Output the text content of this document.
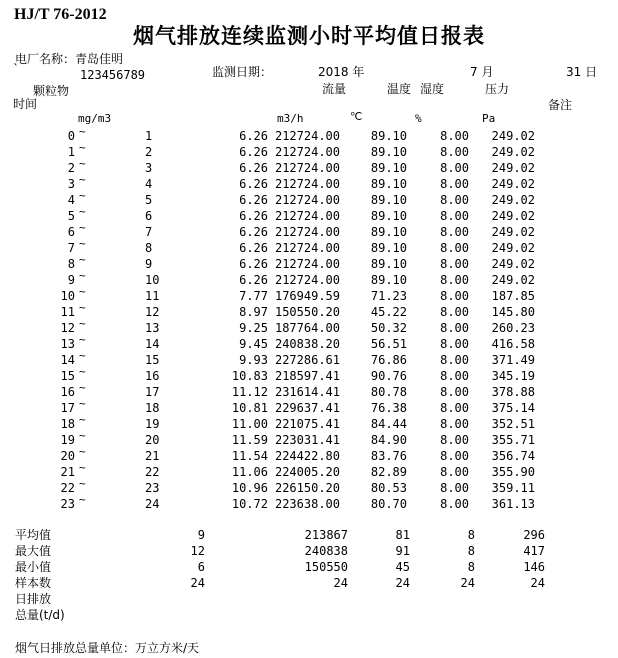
HJ/T 76-2012
烟气排放连续监测小时平均值日报表
电厂名称：青岛佳明
`	123456789	监测日期：	2018 年	7 月	31 日
颗粒物	流量	温度 湿度	压力
时间	备注
mg/m3	m3/h	℃	%	Pa
0 ~	1	6.26 212724.00	89.10	8.00	249.02
1 ~	2	6.26 212724.00	89.10	8.00	249.02
2 ~	3	6.26 212724.00	89.10	8.00	249.02
3 ~	4	6.26 212724.00	89.10	8.00	249.02
4 ~	5	6.26 212724.00	89.10	8.00	249.02
5 ~	6	6.26 212724.00	89.10	8.00	249.02
6 ~	7	6.26 212724.00	89.10	8.00	249.02
7 ~	8	6.26 212724.00	89.10	8.00	249.02
8 ~	9	6.26 212724.00	89.10	8.00	249.02
9 ~	10	6.26 212724.00	89.10	8.00	249.02
10 ~	11	7.77 176949.59	71.23	8.00	187.85
11 ~	12	8.97 150550.20	45.22	8.00	145.80
12 ~	13	9.25 187764.00	50.32	8.00	260.23
13 ~	14	9.45 240838.20	56.51	8.00	416.58
14 ~	15	9.93 227286.61	76.86	8.00	371.49
15 ~	16	10.83 218597.41	90.76	8.00	345.19
16 ~	17	11.12 231614.41	80.78	8.00	378.88
17 ~	18	10.81 229637.41	76.38	8.00	375.14
18 ~	19	11.00 221075.41	84.44	8.00	352.51
19 ~	20	11.59 223031.41	84.90	8.00	355.71
20 ~	21	11.54 224422.80	83.76	8.00	356.74
21 ~	22	11.06 224005.20	82.89	8.00	355.90
22 ~	23	10.96 226150.20	80.53	8.00	359.11
23 ~	24	10.72 223638.00	80.70	8.00	361.13
平均值	9	213867	81	8	296
最大值	12	240838	91	8	417
最小值	6	150550	45	8	146
样本数	24	24	24	24	24
日排放
总量(t/d)
烟气日排放总量单位：万立方米/天
